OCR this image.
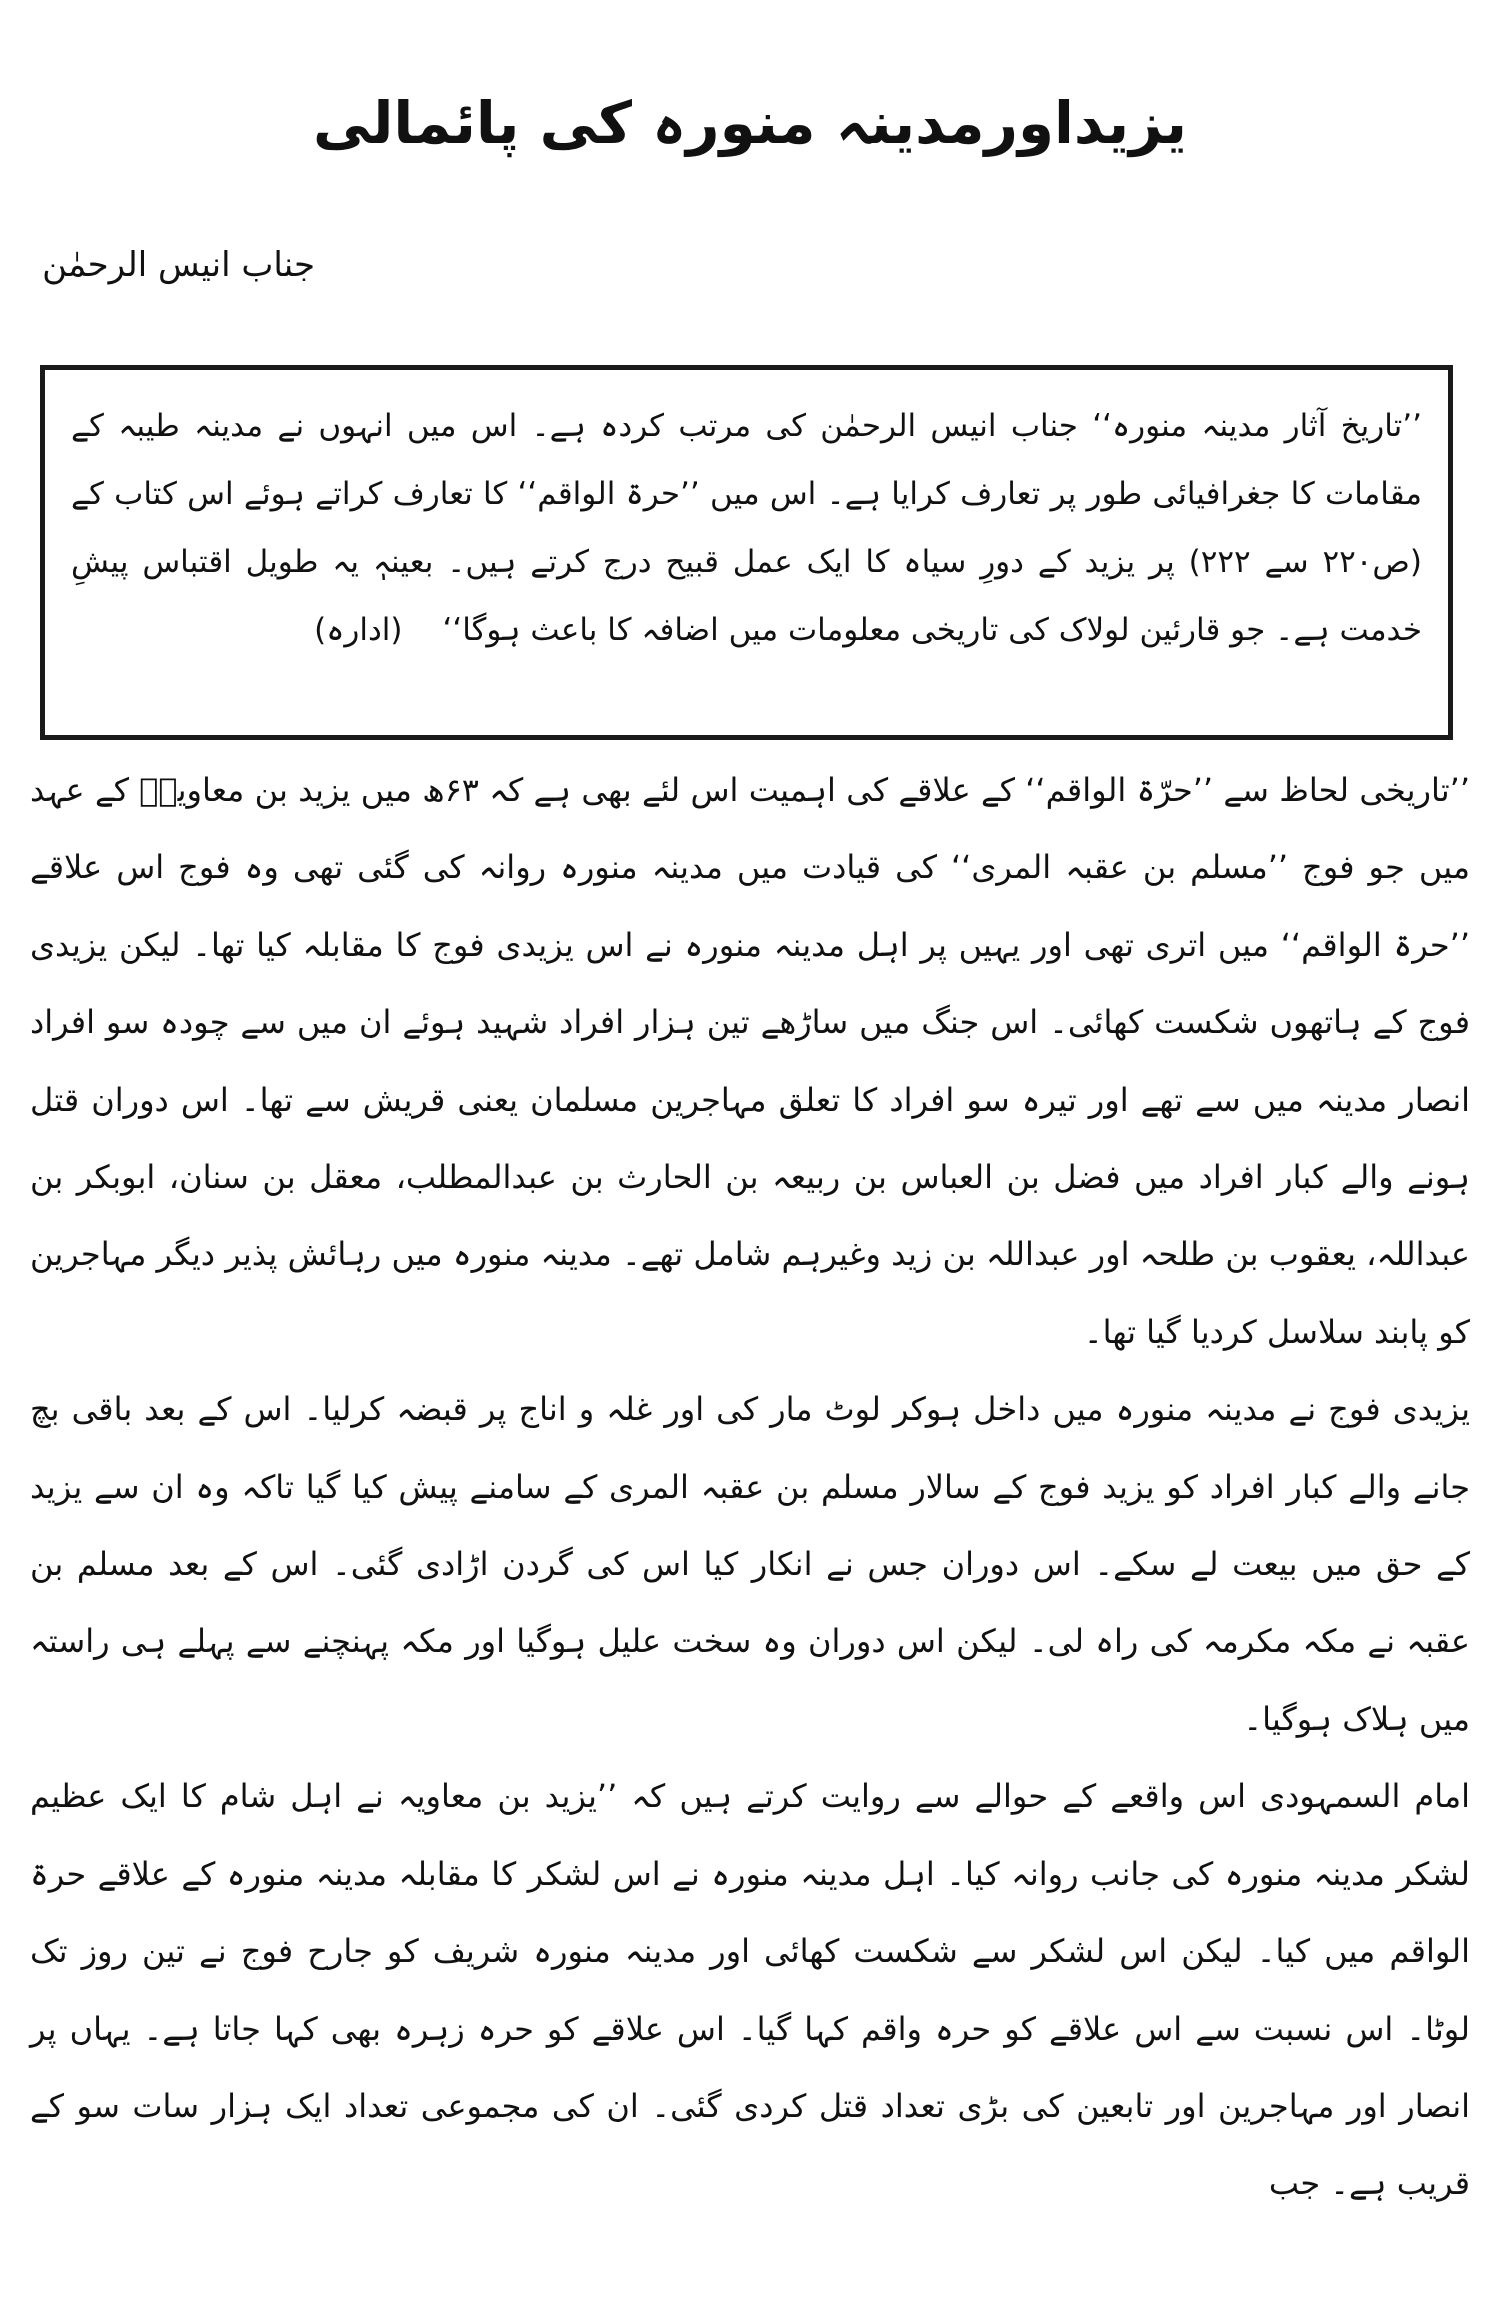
یزیداورمدینہ منورہ کی پائمالی
جناب انیس الرحمٰن

’’تاریخ آثار مدینہ منورہ‘‘ جناب انیس الرحمٰن کی مرتب کردہ ہے۔ اس میں انہوں نے مدینہ طیبہ کے مقامات کا جغرافیائی طور پر تعارف کرایا ہے۔ اس میں ’’حرۃ الواقم‘‘ کا تعارف کراتے ہوئے اس کتاب کے (ص۲۲۰ سے ۲۲۲) پر یزید کے دورِ سیاہ کا ایک عمل قبیح درج کرتے ہیں۔ بعینہٖ یہ طویل اقتباس پیشِ خدمت ہے۔ جو قارئین لولاک کی تاریخی معلومات میں اضافہ کا باعث ہوگا‘‘(ادارہ)

’’تاریخی لحاظ سے ’’حرّۃ الواقم‘‘ کے علاقے کی اہمیت اس لئے بھی ہے کہ ۶۳ھ میں یزید بن معاویہؓ کے عہد میں جو فوج ’’مسلم بن عقبہ المری‘‘ کی قیادت میں مدینہ منورہ روانہ کی گئی تھی وہ فوج اس علاقے ’’حرۃ الواقم‘‘ میں اتری تھی اور یہیں پر اہل مدینہ منورہ نے اس یزیدی فوج کا مقابلہ کیا تھا۔ لیکن یزیدی فوج کے ہاتھوں شکست کھائی۔ اس جنگ میں ساڑھے تین ہزار افراد شہید ہوئے ان میں سے چودہ سو افراد انصار مدینہ میں سے تھے اور تیرہ سو افراد کا تعلق مہاجرین مسلمان یعنی قریش سے تھا۔ اس دوران قتل ہونے والے کبار افراد میں فضل بن العباس بن ربیعہ بن الحارث بن عبدالمطلب، معقل بن سنان، ابوبکر بن عبداللہ، یعقوب بن طلحہ اور عبداللہ بن زید وغیرہم شامل تھے۔ مدینہ منورہ میں رہائش پذیر دیگر مہاجرین کو پابند سلاسل کردیا گیا تھا۔

یزیدی فوج نے مدینہ منورہ میں داخل ہوکر لوٹ مار کی اور غلہ و اناج پر قبضہ کرلیا۔ اس کے بعد باقی بچ جانے والے کبار افراد کو یزید فوج کے سالار مسلم بن عقبہ المری کے سامنے پیش کیا گیا تاکہ وہ ان سے یزید کے حق میں بیعت لے سکے۔ اس دوران جس نے انکار کیا اس کی گردن اڑادی گئی۔ اس کے بعد مسلم بن عقبہ نے مکہ مکرمہ کی راہ لی۔ لیکن اس دوران وہ سخت علیل ہوگیا اور مکہ پہنچنے سے پہلے ہی راستہ میں ہلاک ہوگیا۔

امام السمہودی اس واقعے کے حوالے سے روایت کرتے ہیں کہ ’’یزید بن معاویہ نے اہل شام کا ایک عظیم لشکر مدینہ منورہ کی جانب روانہ کیا۔ اہل مدینہ منورہ نے اس لشکر کا مقابلہ مدینہ منورہ کے علاقے حرۃ الواقم میں کیا۔ لیکن اس لشکر سے شکست کھائی اور مدینہ منورہ شریف کو جارح فوج نے تین روز تک لوٹا۔ اس نسبت سے اس علاقے کو حرہ واقم کہا گیا۔ اس علاقے کو حرہ زہرہ بھی کہا جاتا ہے۔ یہاں پر انصار اور مہاجرین اور تابعین کی بڑی تعداد قتل کردی گئی۔ ان کی مجموعی تعداد ایک ہزار سات سو کے قریب ہے۔ جب
